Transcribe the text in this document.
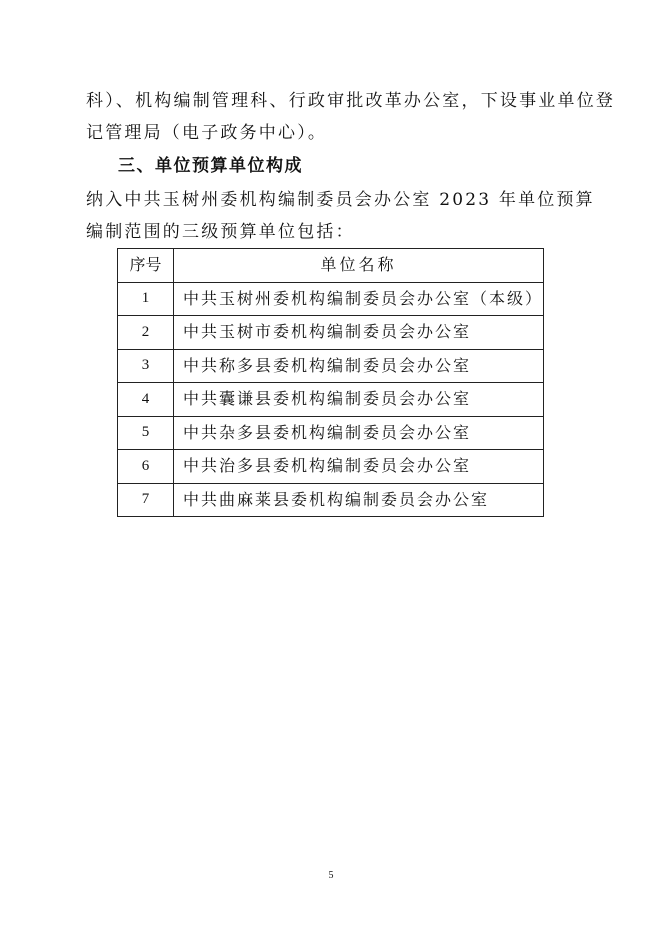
科）、机构编制管理科、行政审批改革办公室，下设事业单位登
记管理局（电子政务中心）。
三、单位预算单位构成
纳入中共玉树州委机构编制委员会办公室 2023 年单位预算
编制范围的三级预算单位包括：
序号	单位名称
1	中共玉树州委机构编制委员会办公室（本级）
2	中共玉树市委机构编制委员会办公室
3	中共称多县委机构编制委员会办公室
4	中共囊谦县委机构编制委员会办公室
5	中共杂多县委机构编制委员会办公室
6	中共治多县委机构编制委员会办公室
7	中共曲麻莱县委机构编制委员会办公室
5
